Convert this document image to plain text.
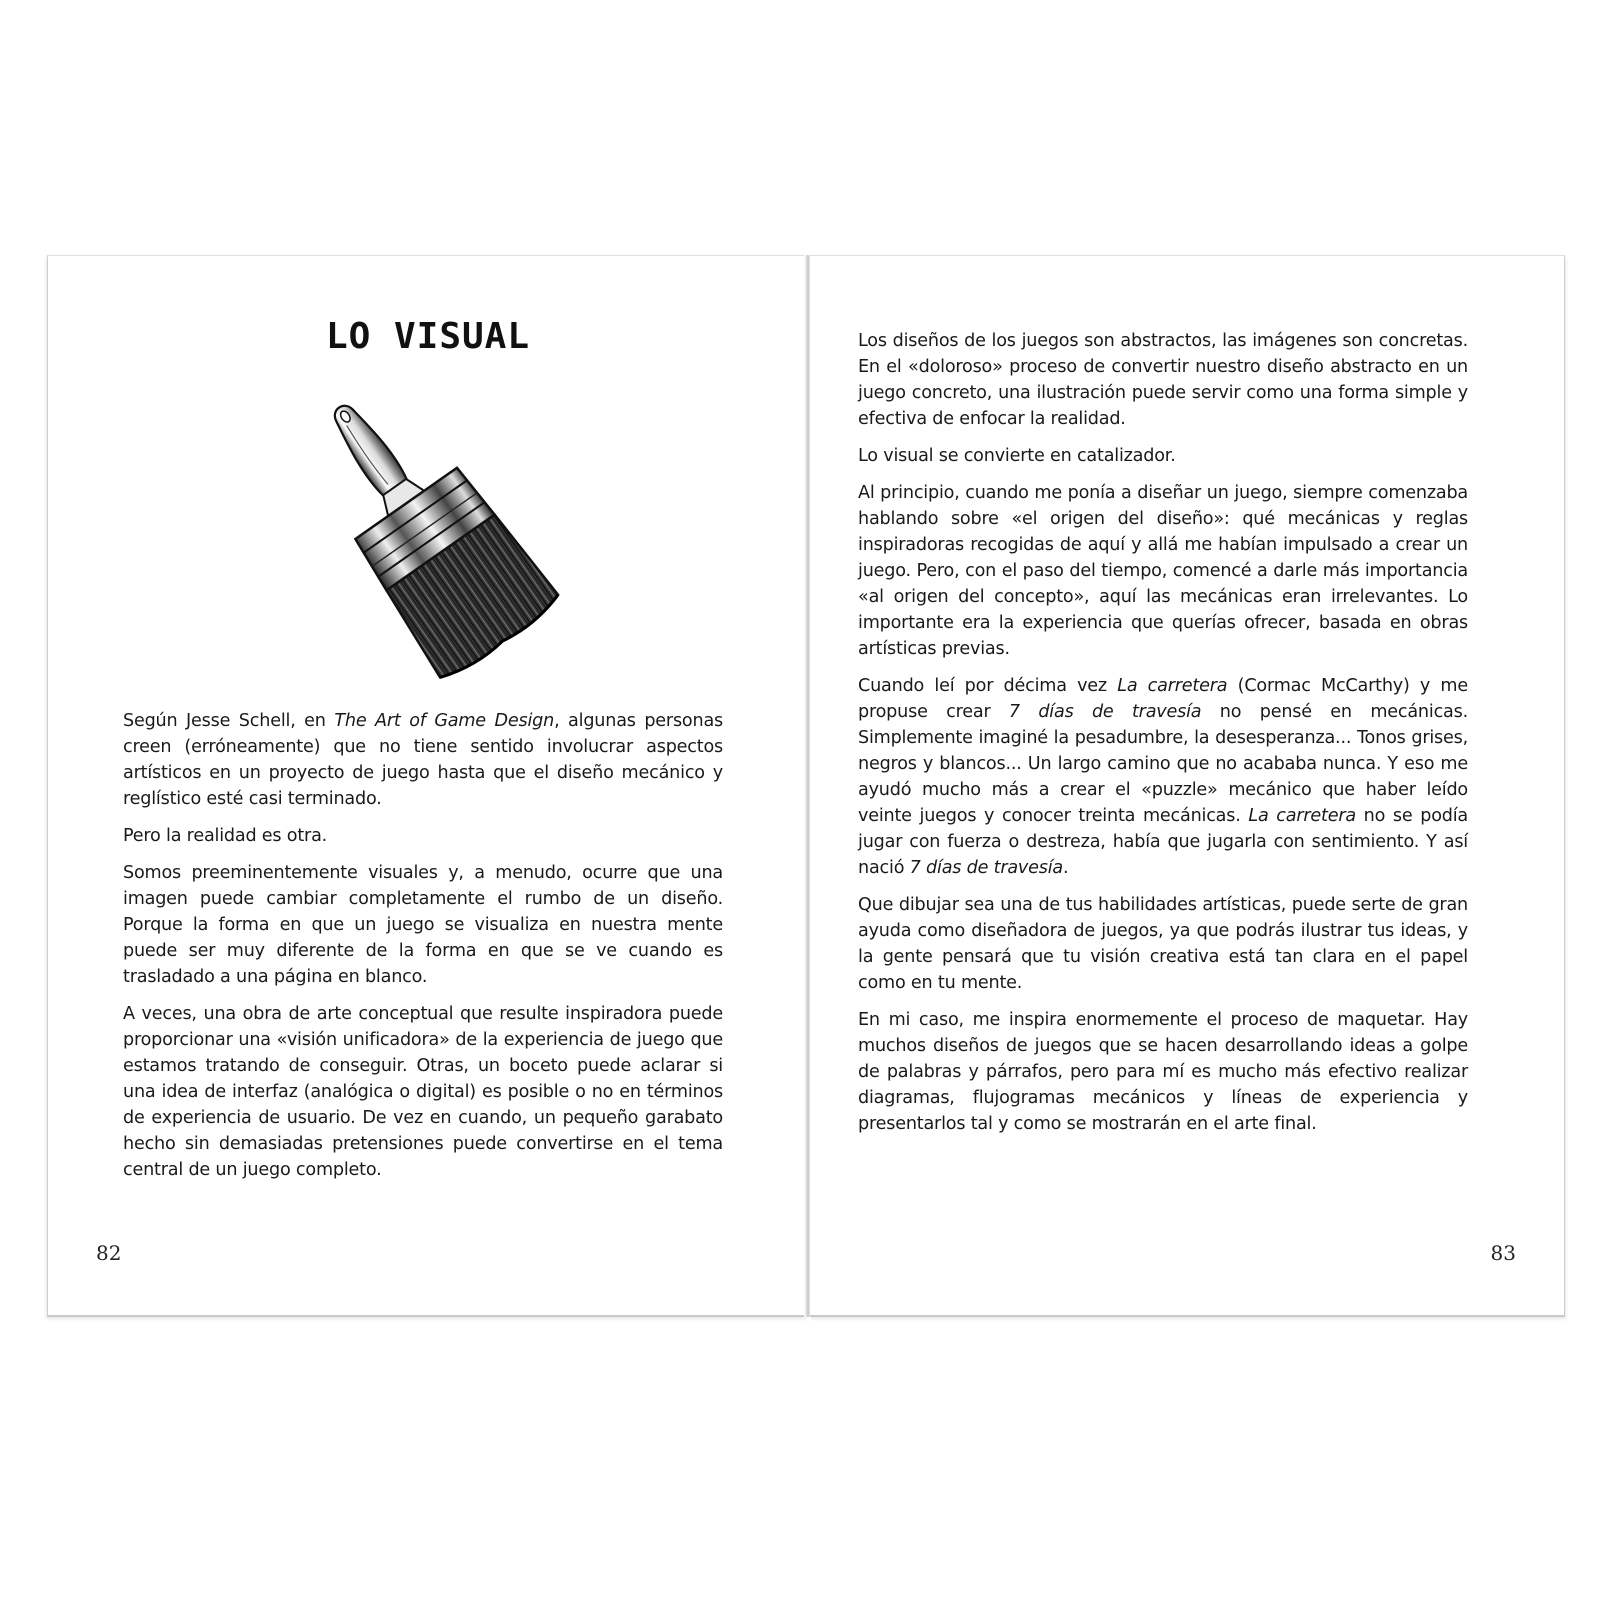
LO VISUAL

Según Jesse Schell, en The Art of Game Design, algunas personas creen (erróneamente) que no tiene sentido involucrar aspectos artísticos en un proyecto de juego hasta que el diseño mecánico y reglístico esté casi terminado.

Pero la realidad es otra.

Somos preeminentemente visuales y, a menudo, ocurre que una imagen puede cambiar completamente el rumbo de un diseño. Porque la forma en que un juego se visualiza en nuestra mente puede ser muy diferente de la forma en que se ve cuando es trasladado a una página en blanco.

A veces, una obra de arte conceptual que resulte inspiradora puede proporcionar una «visión unificadora» de la experiencia de juego que estamos tratando de conseguir. Otras, un boceto puede aclarar si una idea de interfaz (analógica o digital) es posible o no en términos de experiencia de usuario. De vez en cuando, un pequeño garabato hecho sin demasiadas pretensiones puede convertirse en el tema central de un juego completo.

82

Los diseños de los juegos son abstractos, las imágenes son concretas. En el «doloroso» proceso de convertir nuestro diseño abstracto en un juego concreto, una ilustración puede servir como una forma simple y efectiva de enfocar la realidad.

Lo visual se convierte en catalizador.

Al principio, cuando me ponía a diseñar un juego, siempre comenzaba hablando sobre «el origen del diseño»: qué mecánicas y reglas inspiradoras recogidas de aquí y allá me habían impulsado a crear un juego. Pero, con el paso del tiempo, comencé a darle más importancia «al origen del concepto», aquí las mecánicas eran irrelevantes. Lo importante era la experiencia que querías ofrecer, basada en obras artísticas previas.

Cuando leí por décima vez La carretera (Cormac McCarthy) y me propuse crear 7 días de travesía no pensé en mecánicas. Simplemente imaginé la pesadumbre, la desesperanza... Tonos grises, negros y blancos... Un largo camino que no acababa nunca. Y eso me ayudó mucho más a crear el «puzzle» mecánico que haber leído veinte juegos y conocer treinta mecánicas. La carretera no se podía jugar con fuerza o destreza, había que jugarla con sentimiento. Y así nació 7 días de travesía.

Que dibujar sea una de tus habilidades artísticas, puede serte de gran ayuda como diseñadora de juegos, ya que podrás ilustrar tus ideas, y la gente pensará que tu visión creativa está tan clara en el papel como en tu mente.

En mi caso, me inspira enormemente el proceso de maquetar. Hay muchos diseños de juegos que se hacen desarrollando ideas a golpe de palabras y párrafos, pero para mí es mucho más efectivo realizar diagramas, flujogramas mecánicos y líneas de experiencia y presentarlos tal y como se mostrarán en el arte final.

83
